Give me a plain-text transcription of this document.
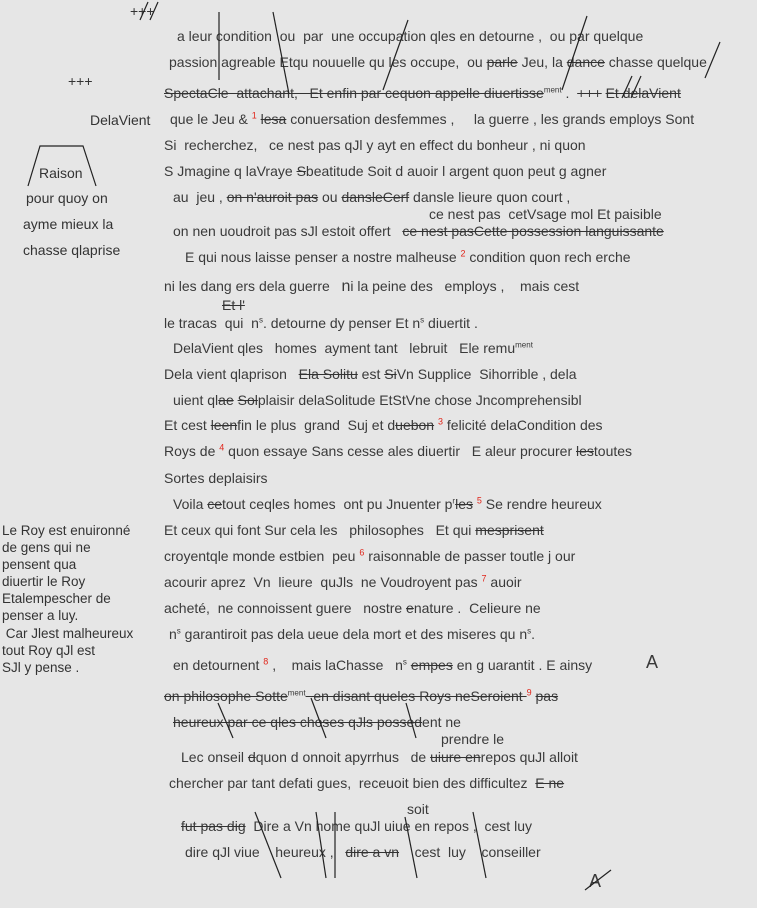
+++
+++
DelaVient
Raison
pour quoy on
ayme mieux la
chasse qlaprise
Le Roy est enuironné
de gens qui ne
pensent qua
diuertir le Roy
Etalempescher de
penser a luy.
Car Jlest malheureux
tout Roy qJl est
SJl y pense .
a leur condition  ou  par  une occupation qles en detourne ,  ou par quelque
passion agreable Etqu nouuelle qu les occupe,  ou parle Jeu, la dance chasse quelque
SpectaCle  attachant,   Et enfin par cequon appelle diuertisse$^{ment}$ .  +++ Et delaVient
que le Jeu & $^1$ lesa conuersation desfemmes ,     la guerre , les grands employs Sont
Si  recherchez,   ce nest pas qJl y ayt en effect du bonheur , ni quon
S Jmagine q laVraye Sbeatitude Soit d auoir l argent quon peut g agner
au  jeu , on n'auroit pas ou dansleCerf danslе lieure quon court ,
ce nest pas  cetVsage mol Et paisible
on nen uoudroit pas sJl estoit offert   ce nest pasCette possession languissante
E qui nous laisse penser a nostre malheuse $^2$ condition quon rech erche
ni les dang ers dela guerre   ni la peine des   employs ,    mais cest
Et l'
le tracas  qui  $n^s$. detourne dy penser Et $n^s$ diuertit .
DelaVient qles   homes  ayment tant   lebruit   Ele remu$^{ment}$
Dela vient qlaprison   Ela Solitu est SiVn Supplice  Sihorrible , dela
uient qlae Solplaisir delaSolitude EtStVne chose Jncomprehensibl
Et cest leenfin le plus  grand  Suj et duebon $^3$ felicité delaCondition des
Roys de $^4$ quon essaye Sans cesse ales diuertir   E aleur procurer lestoutes
Sortes deplaisirs
Voila cetout ceqles homes  ont pu Jnuenter $p^rles$ $^5$ Se rendre heureux
Et ceux qui font Sur cela les   philosophes   Et qui mesprisent
croyentqle monde estbien  peu $^6$ raisonnable de passer toutle j our
acourir aprez  Vn  lieure  quJls  ne Voudroyent pas $^7$ auoir
acheté,  ne connoissent guere   nostre enature .  Celieure ne
$n^s$ garantiroit pas dela ueue dela mort et des miseres qu $n^s$.
en detournent $^8$ ,    mais laChasse   $n^s$ empes en g uarantit . E ainsy	A
on philosophe Sotte$^{ment}$  en disant queles Roys neSeroient $^9$ pas
heureux par ce qles choses qJls possedent ne
prendre le
Lec onseil dquon d onnoit apyrrhus   de uiure enrepos quJl alloit
chercher par tant defati gues,  receuoit bien des difficultez  E ne
soit
fut pas dig  Dire a Vn home quJl uiue en repos ,  cest luy
dire qJl viue    heureux ,   dire a vn    cest  luy    conseiller
A
